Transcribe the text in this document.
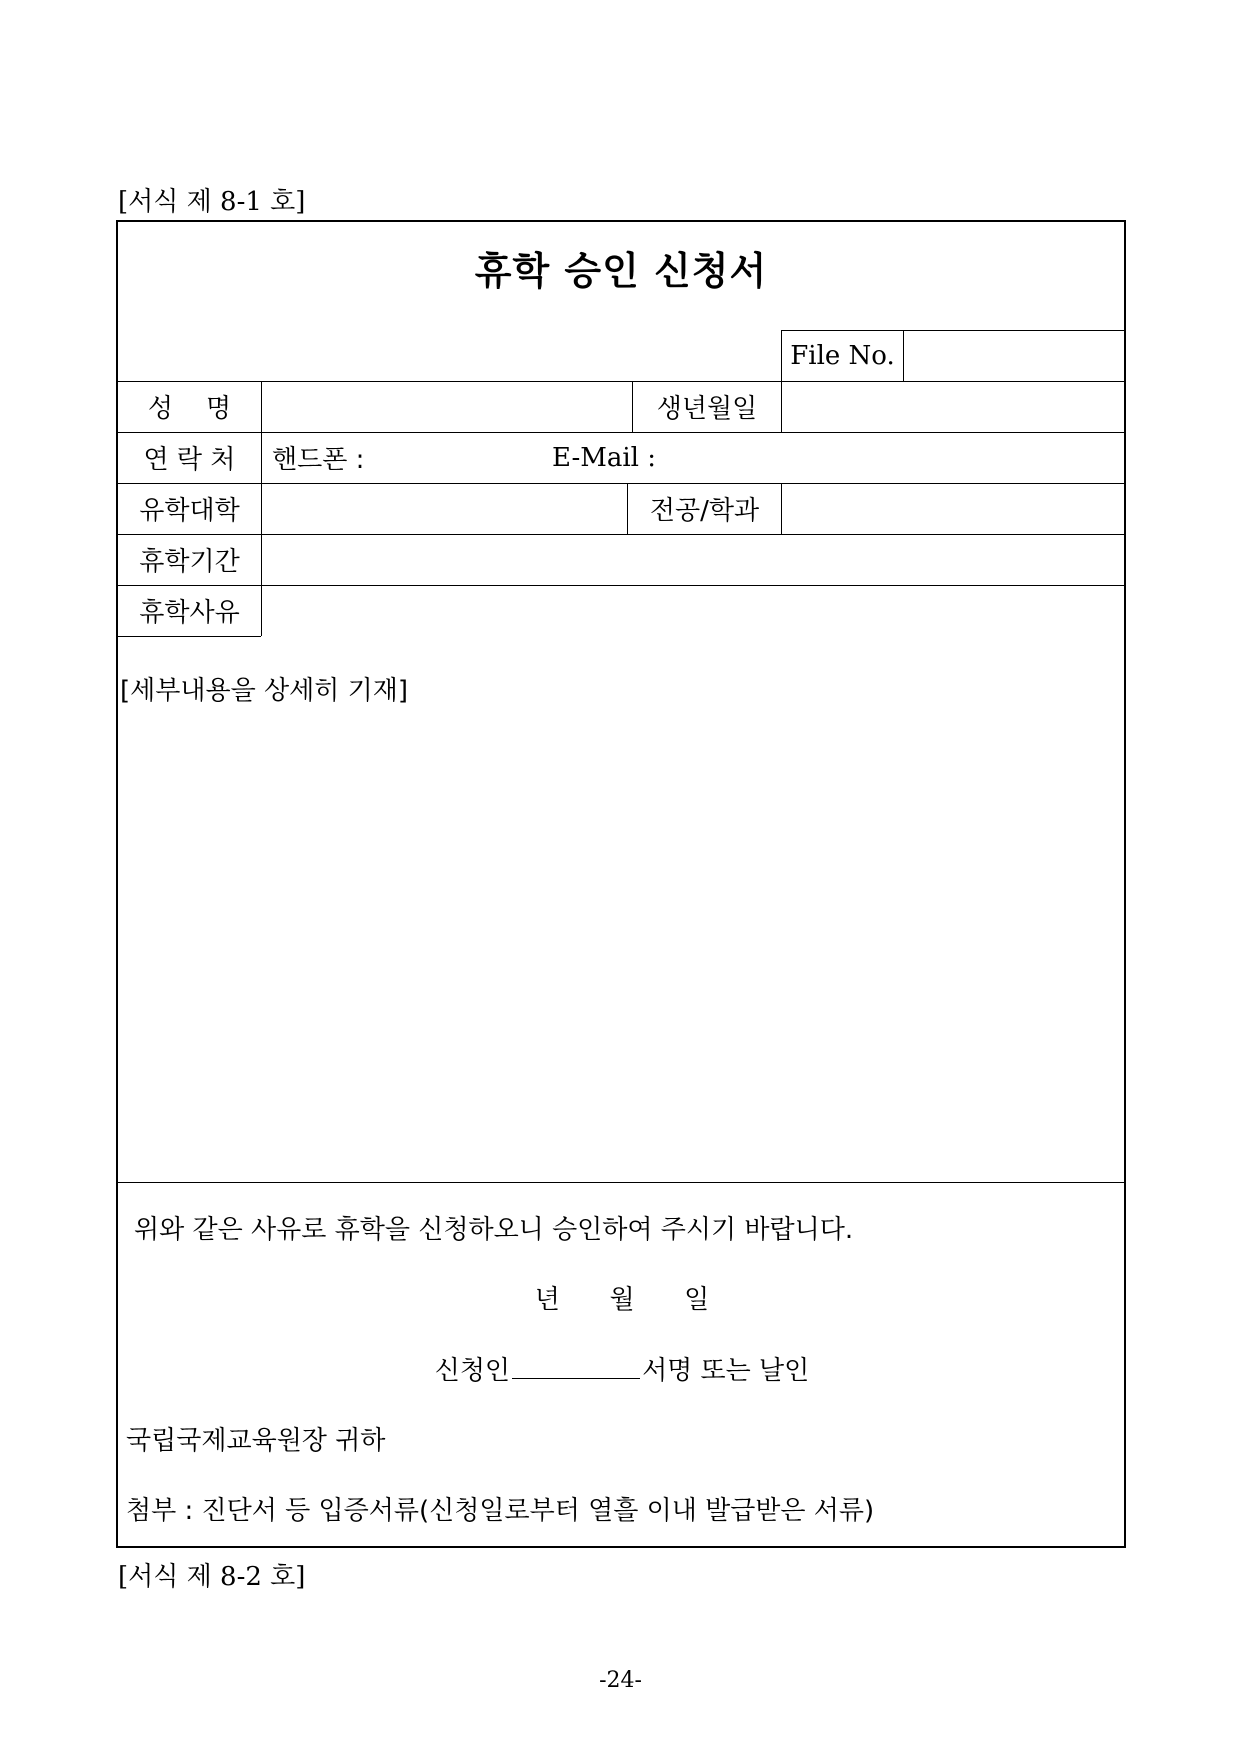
[서식 제 8-1 호]
휴학 승인 신청서
File No.
성    명	생년월일
연 락 처	핸드폰 :	E-Mail :
유학대학	전공/학과
휴학기간
휴학사유
[세부내용을 상세히 기재]
위와 같은 사유로 휴학을 신청하오니 승인하여 주시기 바랍니다.
년      월      일
신청인	서명 또는 날인
국립국제교육원장 귀하
첨부 : 진단서 등 입증서류(신청일로부터 열흘 이내 발급받은 서류)
[서식 제 8-2 호]
-24-
